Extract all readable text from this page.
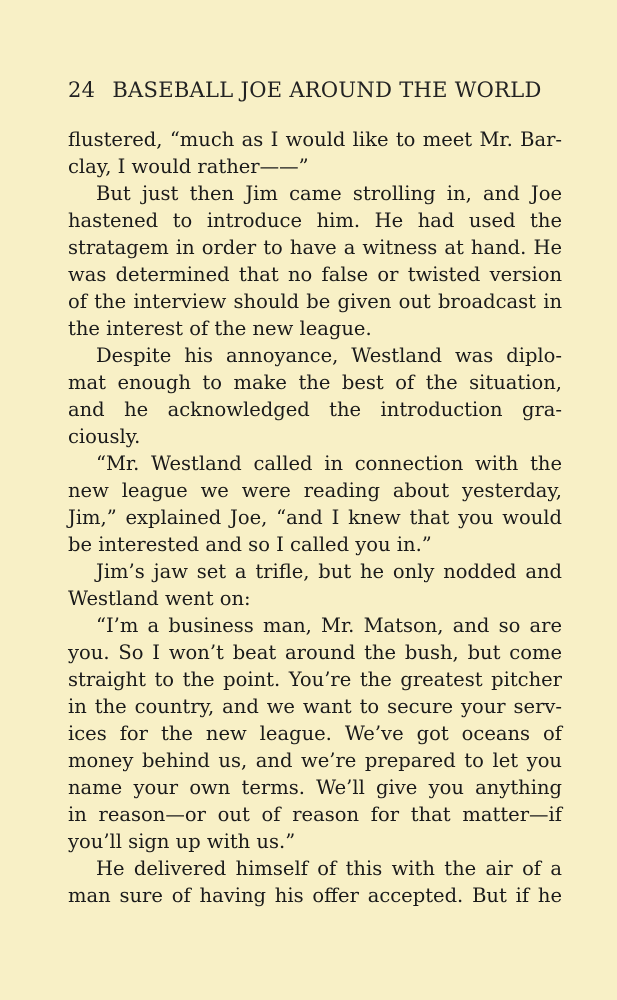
24 BASEBALL JOE AROUND THE WORLD
flustered, “much as I would like to meet Mr. Bar-
clay, I would rather——”
But just then Jim came strolling in, and Joe
hastened to introduce him. He had used the
stratagem in order to have a witness at hand. He
was determined that no false or twisted version
of the interview should be given out broadcast in
the interest of the new league.
Despite his annoyance, Westland was diplo-
mat enough to make the best of the situation,
and he acknowledged the introduction gra-
ciously.
“Mr. Westland called in connection with the
new league we were reading about yesterday,
Jim,” explained Joe, “and I knew that you would
be interested and so I called you in.”
Jim’s jaw set a trifle, but he only nodded and
Westland went on:
“I’m a business man, Mr. Matson, and so are
you. So I won’t beat around the bush, but come
straight to the point. You’re the greatest pitcher
in the country, and we want to secure your serv-
ices for the new league. We’ve got oceans of
money behind us, and we’re prepared to let you
name your own terms. We’ll give you anything
in reason—or out of reason for that matter—if
you’ll sign up with us.”
He delivered himself of this with the air of a
man sure of having his offer accepted. But if he
